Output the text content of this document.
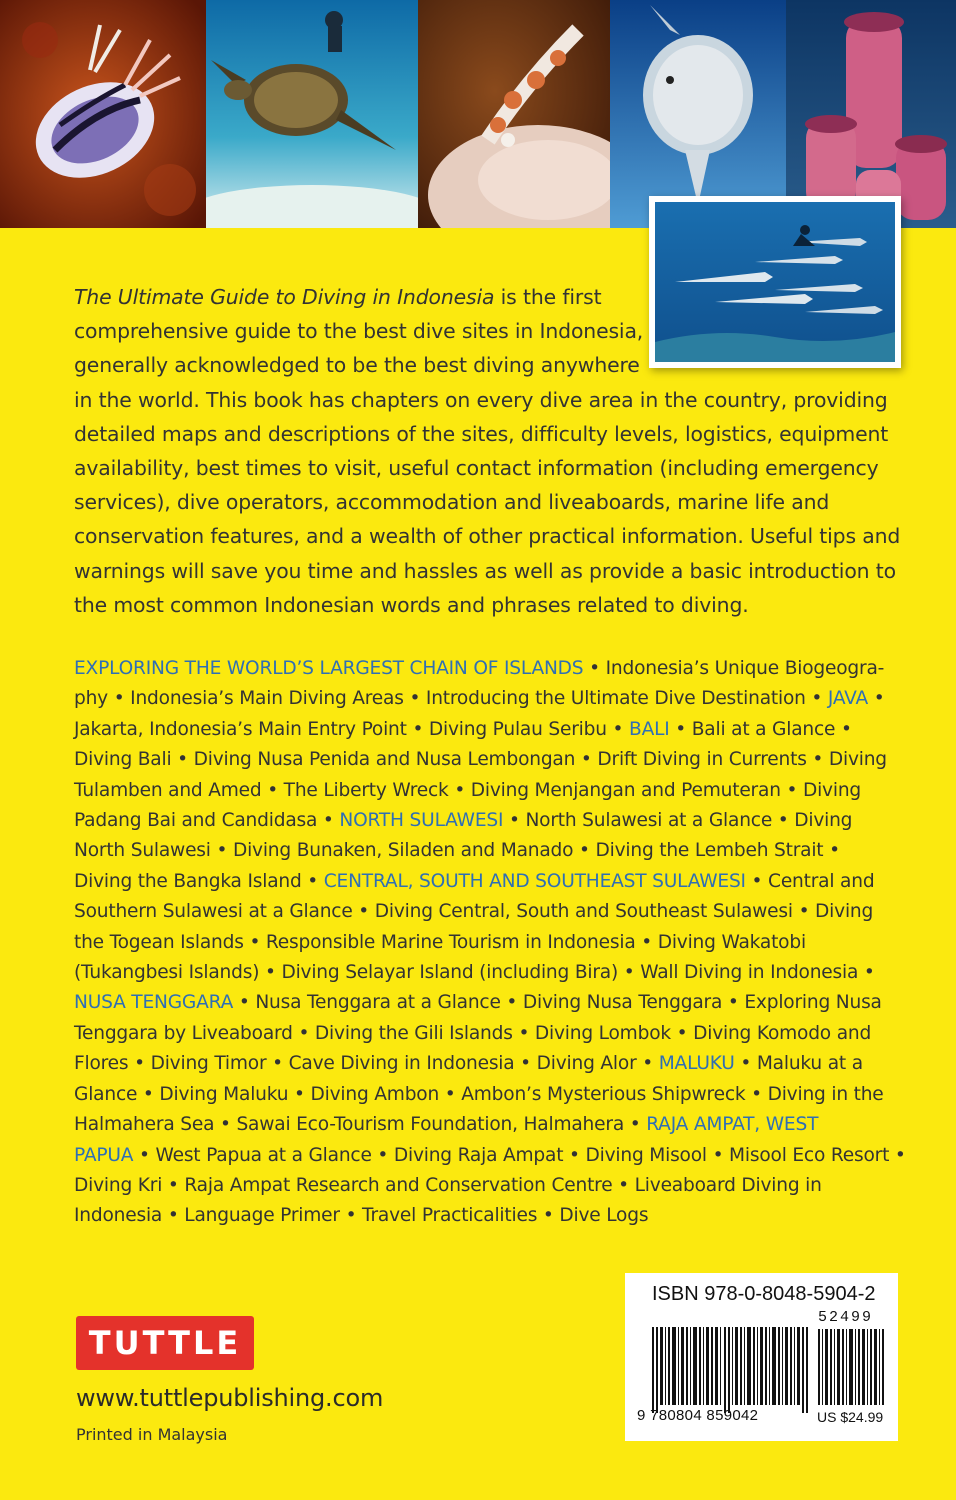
The Ultimate Guide to Diving in Indonesia is the first
comprehensive guide to the best dive sites in Indonesia,
generally acknowledged to be the best diving anywhere
in the world. This book has chapters on every dive area in the country, providing
detailed maps and descriptions of the sites, difficulty levels, logistics, equipment
availability, best times to visit, useful contact information (including emergency
services), dive operators, accommodation and liveaboards, marine life and
conservation features, and a wealth of other practical information. Useful tips and
warnings will save you time and hassles as well as provide a basic introduction to
the most common Indonesian words and phrases related to diving.
EXPLORING THE WORLD’S LARGEST CHAIN OF ISLANDS • Indonesia’s Unique Biogeogra-
phy • Indonesia’s Main Diving Areas • Introducing the Ultimate Dive Destination • JAVA •
Jakarta, Indonesia’s Main Entry Point • Diving Pulau Seribu • BALI • Bali at a Glance •
Diving Bali • Diving Nusa Penida and Nusa Lembongan • Drift Diving in Currents • Diving
Tulamben and Amed • The Liberty Wreck • Diving Menjangan and Pemuteran • Diving
Padang Bai and Candidasa • NORTH SULAWESI • North Sulawesi at a Glance • Diving
North Sulawesi • Diving Bunaken, Siladen and Manado • Diving the Lembeh Strait •
Diving the Bangka Island • CENTRAL, SOUTH AND SOUTHEAST SULAWESI • Central and
Southern Sulawesi at a Glance • Diving Central, South and Southeast Sulawesi • Diving
the Togean Islands • Responsible Marine Tourism in Indonesia • Diving Wakatobi
(Tukangbesi Islands) • Diving Selayar Island (including Bira) • Wall Diving in Indonesia •
NUSA TENGGARA • Nusa Tenggara at a Glance • Diving Nusa Tenggara • Exploring Nusa
Tenggara by Liveaboard • Diving the Gili Islands • Diving Lombok • Diving Komodo and
Flores • Diving Timor • Cave Diving in Indonesia • Diving Alor • MALUKU • Maluku at a
Glance • Diving Maluku • Diving Ambon • Ambon’s Mysterious Shipwreck • Diving in the
Halmahera Sea • Sawai Eco-Tourism Foundation, Halmahera • RAJA AMPAT, WEST
PAPUA • West Papua at a Glance • Diving Raja Ampat • Diving Misool • Misool Eco Resort •
Diving Kri • Raja Ampat Research and Conservation Centre • Liveaboard Diving in
Indonesia • Language Primer • Travel Practicalities • Dive Logs
TUTTLE
www.tuttlepublishing.com
Printed in Malaysia
ISBN 978-0-8048-5904-2
52499
9 780804 859042	US $24.99
